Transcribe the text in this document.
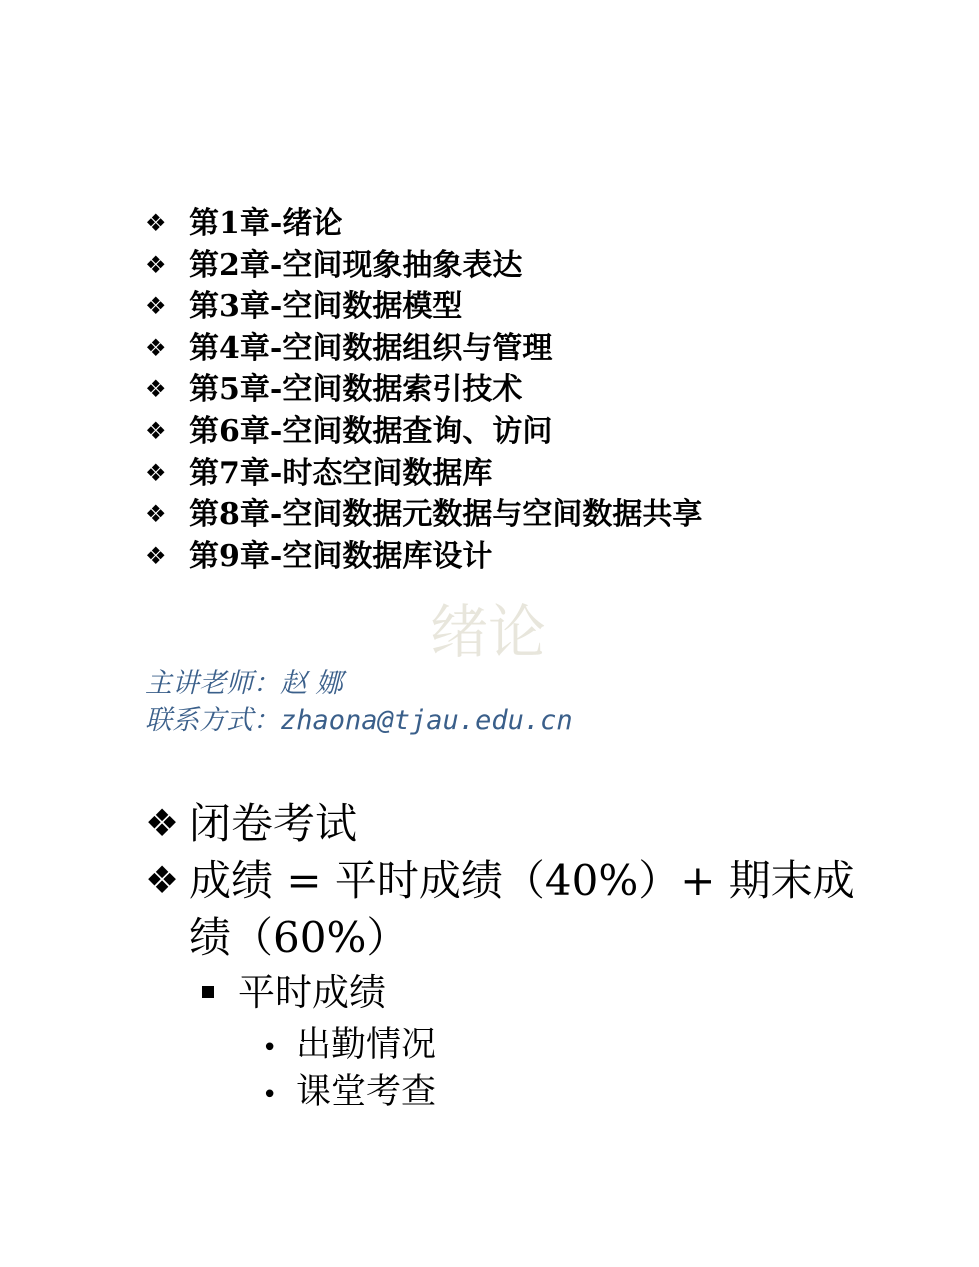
❖ 第1章-绪论
❖ 第2章-空间现象抽象表达
❖ 第3章-空间数据模型
❖ 第4章-空间数据组织与管理
❖ 第5章-空间数据索引技术
❖ 第6章-空间数据查询、访问
❖ 第7章-时态空间数据库
❖ 第8章-空间数据元数据与空间数据共享
❖ 第9章-空间数据库设计
绪论
主讲老师：赵 娜
联系方式：zhaona@tjau.edu.cn
❖ 闭卷考试
❖ 成绩 = 平时成绩（40%）+ 期末成绩（60%）
平时成绩
• 出勤情况
• 课堂考查
